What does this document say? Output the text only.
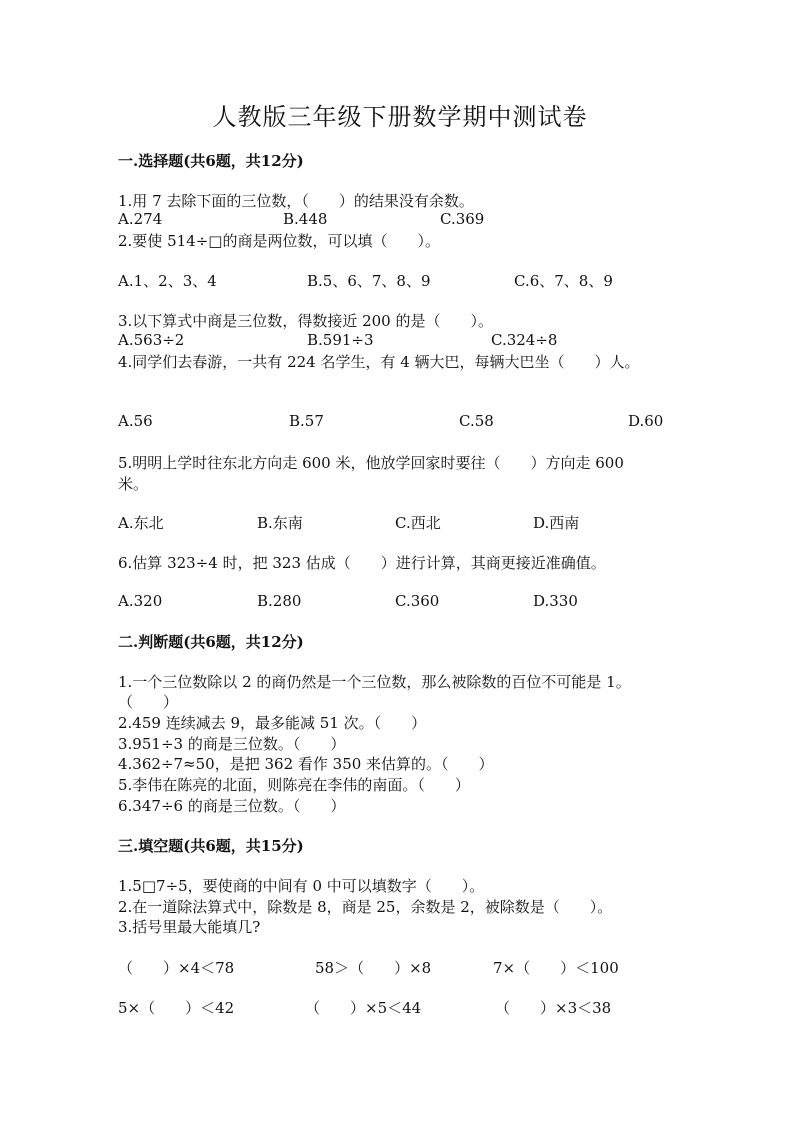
人教版三年级下册数学期中测试卷
一.选择题(共6题，共12分)
1.用 7 去除下面的三位数，（　　）的结果没有余数。
A.274	B.448	C.369
2.要使 514÷□的商是两位数，可以填（　　）。
A.1、2、3、4	B.5、6、7、8、9	C.6、7、8、9
3.以下算式中商是三位数，得数接近 200 的是（　　）。
A.563÷2	B.591÷3	C.324÷8
4.同学们去春游，一共有 224 名学生，有 4 辆大巴，每辆大巴坐（　　）人。
A.56	B.57	C.58	D.60
5.明明上学时往东北方向走 600 米，他放学回家时要往（　　）方向走 600
米。
A.东北	B.东南	C.西北	D.西南
6.估算 323÷4 时，把 323 估成（　　）进行计算，其商更接近准确值。
A.320	B.280	C.360	D.330
二.判断题(共6题，共12分)
1.一个三位数除以 2 的商仍然是一个三位数，那么被除数的百位不可能是 1。
（　　）
2.459 连续减去 9，最多能减 51 次。（　　）
3.951÷3 的商是三位数。（　　）
4.362÷7≈50，是把 362 看作 350 来估算的。（　　）
5.李伟在陈亮的北面，则陈亮在李伟的南面。（　　）
6.347÷6 的商是三位数。（　　）
三.填空题(共6题，共15分)
1.5□7÷5，要使商的中间有 0 中可以填数字（　　）。
2.在一道除法算式中，除数是 8，商是 25，余数是 2，被除数是（　　）。
3.括号里最大能填几?
（　　）×4＜78	58＞（　　）×8	7×（　　）＜100
5×（　　）＜42	（　　）×5＜44	（　　）×3＜38
